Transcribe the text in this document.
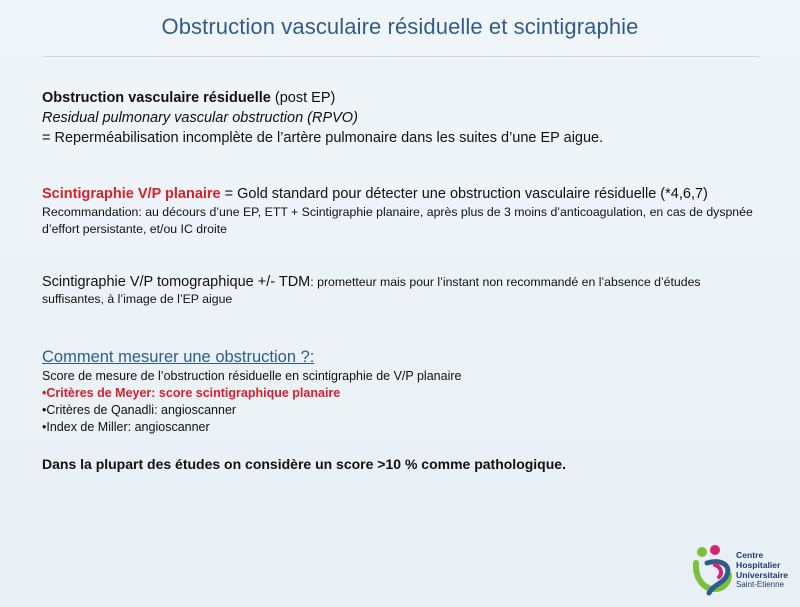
Obstruction vasculaire résiduelle et scintigraphie
Obstruction vasculaire résiduelle (post EP)
Residual pulmonary vascular obstruction (RPVO)
= Reperméabilisation incomplète de l’artère pulmonaire dans les suites d’une EP aigue.
Scintigraphie V/P planaire = Gold standard pour détecter une obstruction vasculaire résiduelle (*4,6,7)
Recommandation: au décours d’une EP, ETT + Scintigraphie planaire, après plus de 3 moins d’anticoagulation, en cas de dyspnée d’effort persistante, et/ou IC droite
Scintigraphie V/P tomographique +/- TDM: prometteur mais pour l’instant non recommandé en l’absence d’études
suffisantes, à l’image de l’EP aigue
Comment mesurer une obstruction ?:
Score de mesure de l’obstruction résiduelle en scintigraphie de V/P planaire
•Critères de Meyer: score scintigraphique planaire
•Critères de Qanadli: angioscanner
•Index de Miller: angioscanner
Dans la plupart des études on considère un score >10 % comme pathologique.
Centre
Hospitalier
Universitaire
Saint-Etienne
